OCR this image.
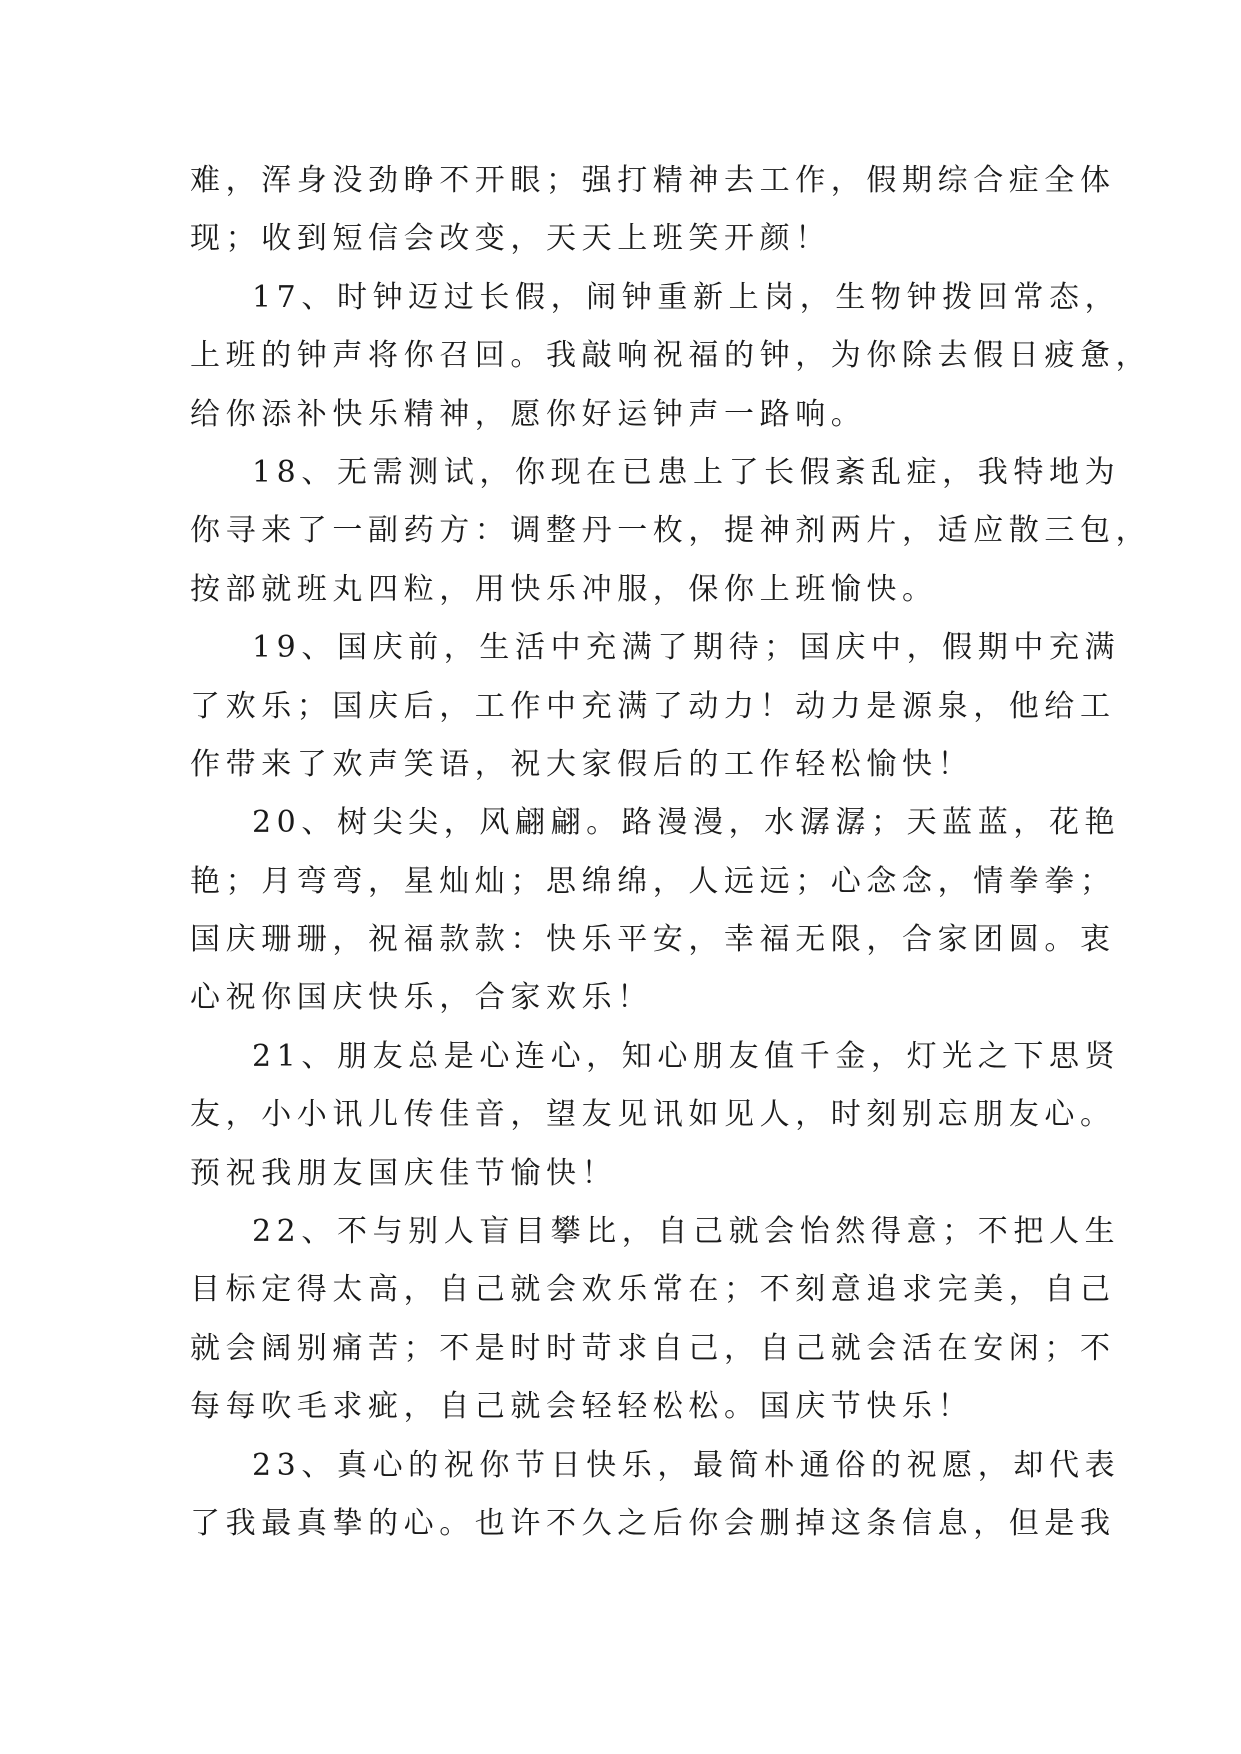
难，浑身没劲睁不开眼；强打精神去工作，假期综合症全体
现；收到短信会改变，天天上班笑开颜！
17、时钟迈过长假，闹钟重新上岗，生物钟拨回常态，
上班的钟声将你召回。我敲响祝福的钟，为你除去假日疲惫，
给你添补快乐精神，愿你好运钟声一路响。
18、无需测试，你现在已患上了长假紊乱症，我特地为
你寻来了一副药方：调整丹一枚，提神剂两片，适应散三包，
按部就班丸四粒，用快乐冲服，保你上班愉快。
19、国庆前，生活中充满了期待；国庆中，假期中充满
了欢乐；国庆后，工作中充满了动力！动力是源泉，他给工
作带来了欢声笑语，祝大家假后的工作轻松愉快！
20、树尖尖，风翩翩。路漫漫，水潺潺；天蓝蓝，花艳
艳；月弯弯，星灿灿；思绵绵，人远远；心念念，情拳拳；
国庆珊珊，祝福款款：快乐平安，幸福无限，合家团圆。衷
心祝你国庆快乐，合家欢乐！
21、朋友总是心连心，知心朋友值千金，灯光之下思贤
友，小小讯儿传佳音，望友见讯如见人，时刻别忘朋友心。
预祝我朋友国庆佳节愉快！
22、不与别人盲目攀比，自己就会怡然得意；不把人生
目标定得太高，自己就会欢乐常在；不刻意追求完美，自己
就会阔别痛苦；不是时时苛求自己，自己就会活在安闲；不
每每吹毛求疵，自己就会轻轻松松。国庆节快乐！
23、真心的祝你节日快乐，最简朴通俗的祝愿，却代表
了我最真挚的心。也许不久之后你会删掉这条信息，但是我
